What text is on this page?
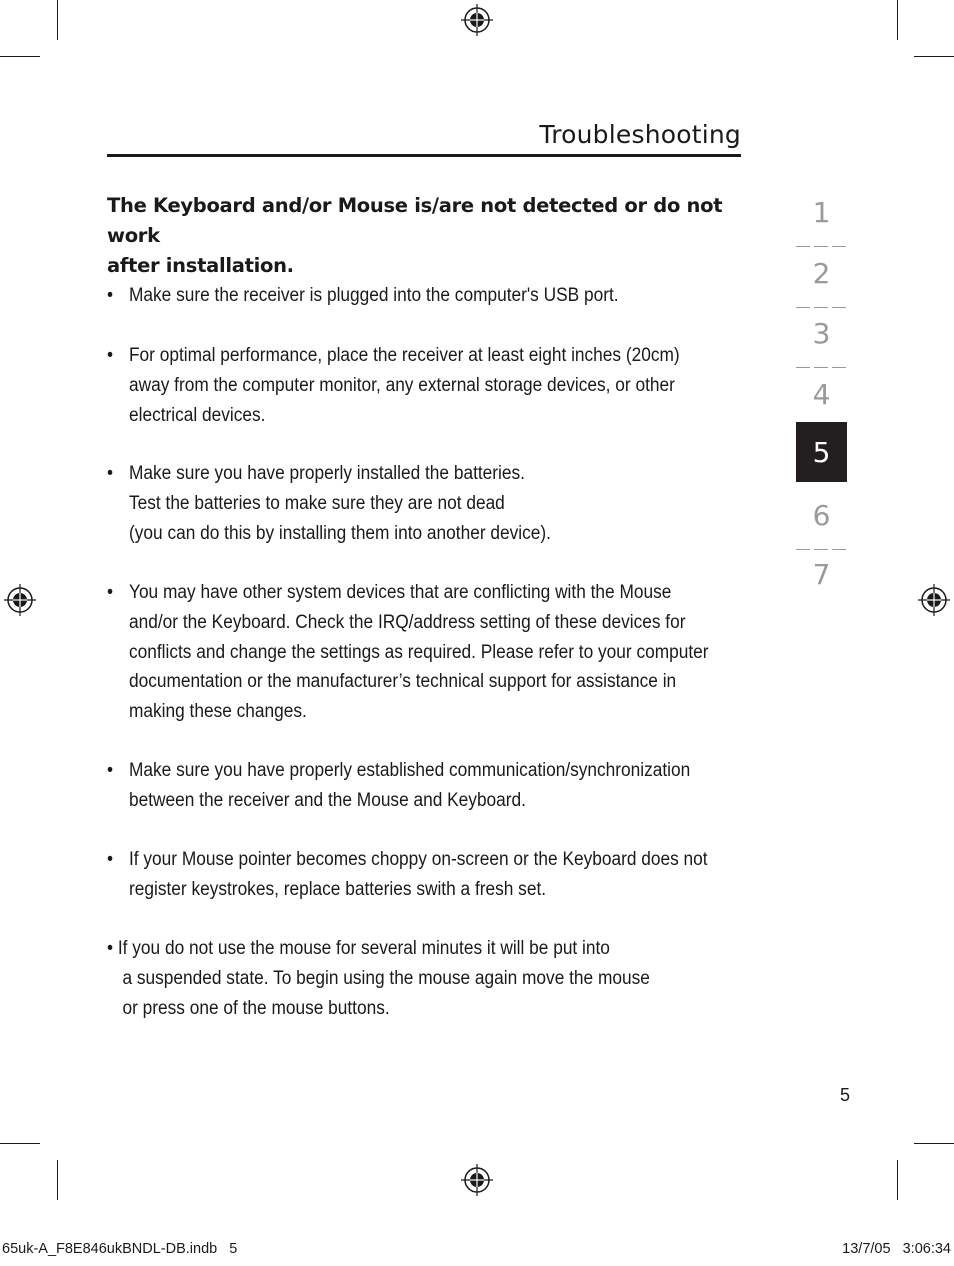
Troubleshooting
The Keyboard and/or Mouse is/are not detected or do not work
after installation.
• Make sure the receiver is plugged into the computer's USB port.
• For optimal performance, place the receiver at least eight inches (20cm)
away from the computer monitor, any external storage devices, or other
electrical devices.
• Make sure you have properly installed the batteries.
Test the batteries to make sure they are not dead
(you can do this by installing them into another device).
• You may have other system devices that are conflicting with the Mouse
and/or the Keyboard. Check the IRQ/address setting of these devices for
conflicts and change the settings as required. Please refer to your computer
documentation or the manufacturer’s technical support for assistance in
making these changes.
• Make sure you have properly established communication/synchronization
between the receiver and the Mouse and Keyboard.
• If your Mouse pointer becomes choppy on-screen or the Keyboard does not
register keystrokes, replace batteries swith a fresh set.
• If you do not use the mouse for several minutes it will be put into
a suspended state. To begin using the mouse again move the mouse
or press one of the mouse buttons.
1
2
3
4
5
6
7
5
65uk-A_F8E846ukBNDL-DB.indb   5	13/7/05   3:06:34
